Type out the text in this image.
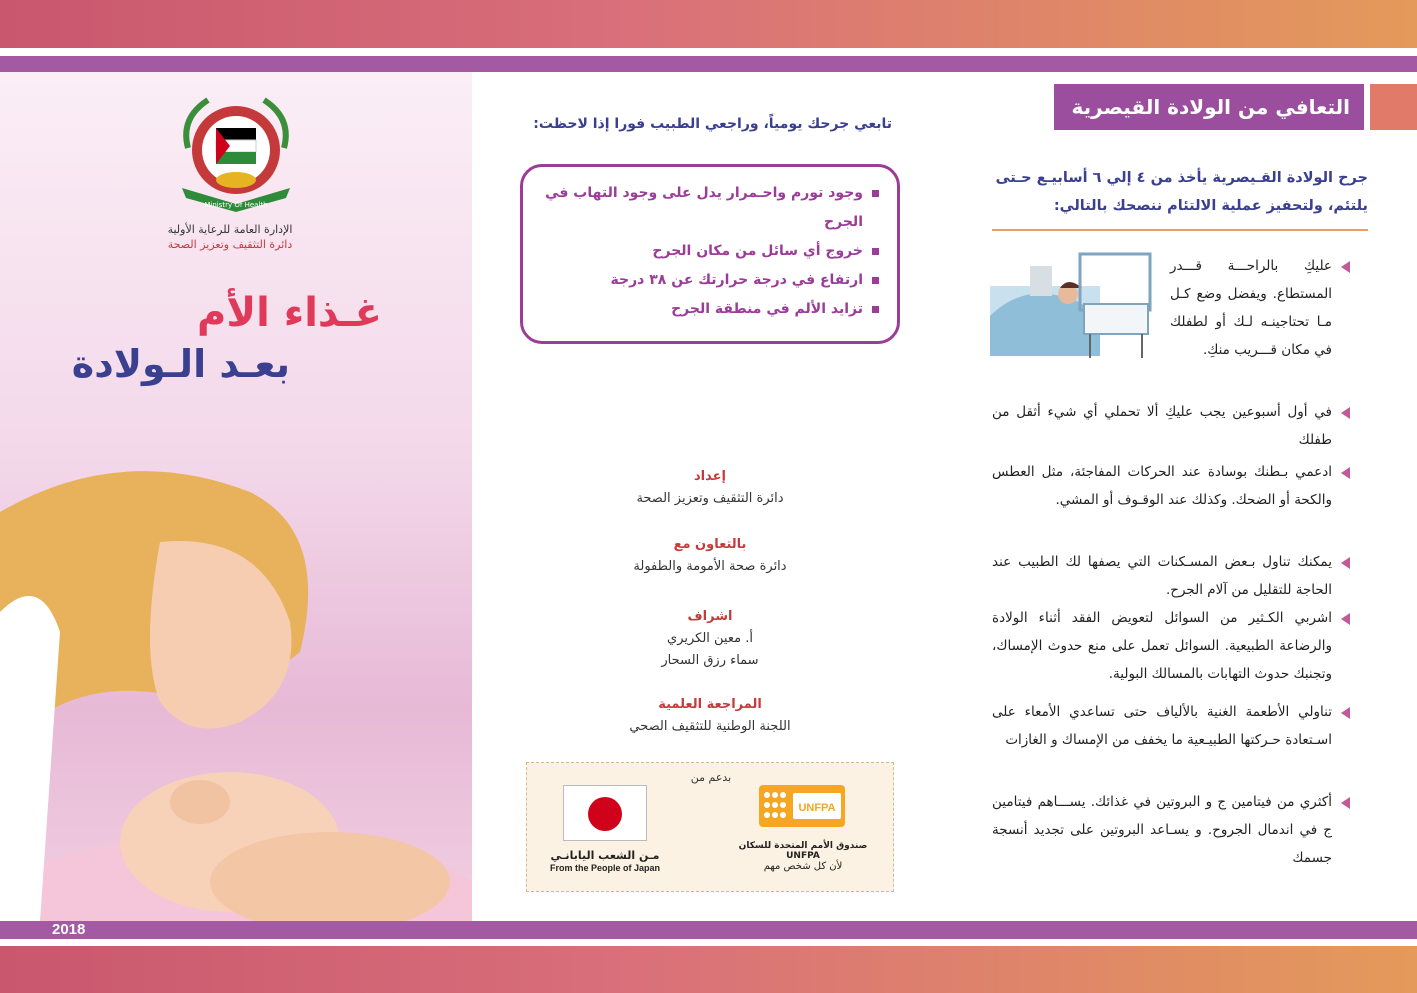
2018
Ministry Of Health
الإدارة العامة للرعاية الأولية
دائرة التثقيف وتعزيز الصحة
غـذاء الأم
بعـد الـولادة
تابعي جرحك يومياً، وراجعي الطبيب فورا إذا لاحظت:
وجود تورم واحـمرار يدل على وجود التهاب في الجرح
خروج أي سائل من مكان الجرح
ارتفاع في درجة حرارتك عن ٣٨ درجة
تزايد الألم في منطقة الجرح
إعداد
دائرة التثقيف وتعزيز الصحة
بالتعاون مع
دائرة صحة الأمومة والطفولة
اشراف
أ. معين الكريري
سماء رزق السحار
المراجعة العلمية
اللجنة الوطنية للتثقيف الصحي
بدعم من
مـن الشعب اليابانـي
From the People of Japan
UNFPA
صندوق الأمم المتحدة للسكان UNFPA
لأن كل شخص مهم
التعافي من الولادة القيصرية
جرح الولادة القـيصرية يأخذ من ٤ إلي ٦ أسابيـع حـتى يلتئم، ولتحفيز عملية الالتئام ننصحك بالتالي:
عليكِ بالراحـــة قـــدر المستطاع. ويفضل وضع كـل مـا تحتاجينـه لـك أو لطفلك في مكان قـــريب منكِ.
في أول أسبوعين يجب عليكِ ألا تحملي أي شيء أثقل من طفلك
ادعمي بـطنك بوسادة عند الحركات المفاجئة، مثل العطس والكحة أو الضحك. وكذلك عند الوقـوف أو المشي.
يمكنك تناول بـعض المسـكنات التي يصفها لك الطبيب عند الحاجة للتقليل من آلام الجرح.
اشربي الكـثير من السوائل لتعويض الفقد أثناء الولادة والرضاعة الطبيعية. السوائل تعمل على منع حدوث الإمساك، وتجنبك حدوث التهابات بالمسالك البولية.
تناولي الأطعمة الغنية بالألياف حتى تساعدي الأمعاء على اسـتعادة حـركتها الطبيـعية ما يخفف من الإمساك و الغازات
أكثري من فيتامين ج و البروتين في غذائك. يســـاهم فيتامين ج في اندمال الجروح. و يسـاعد البروتين على تجديد أنسجة جسمك
